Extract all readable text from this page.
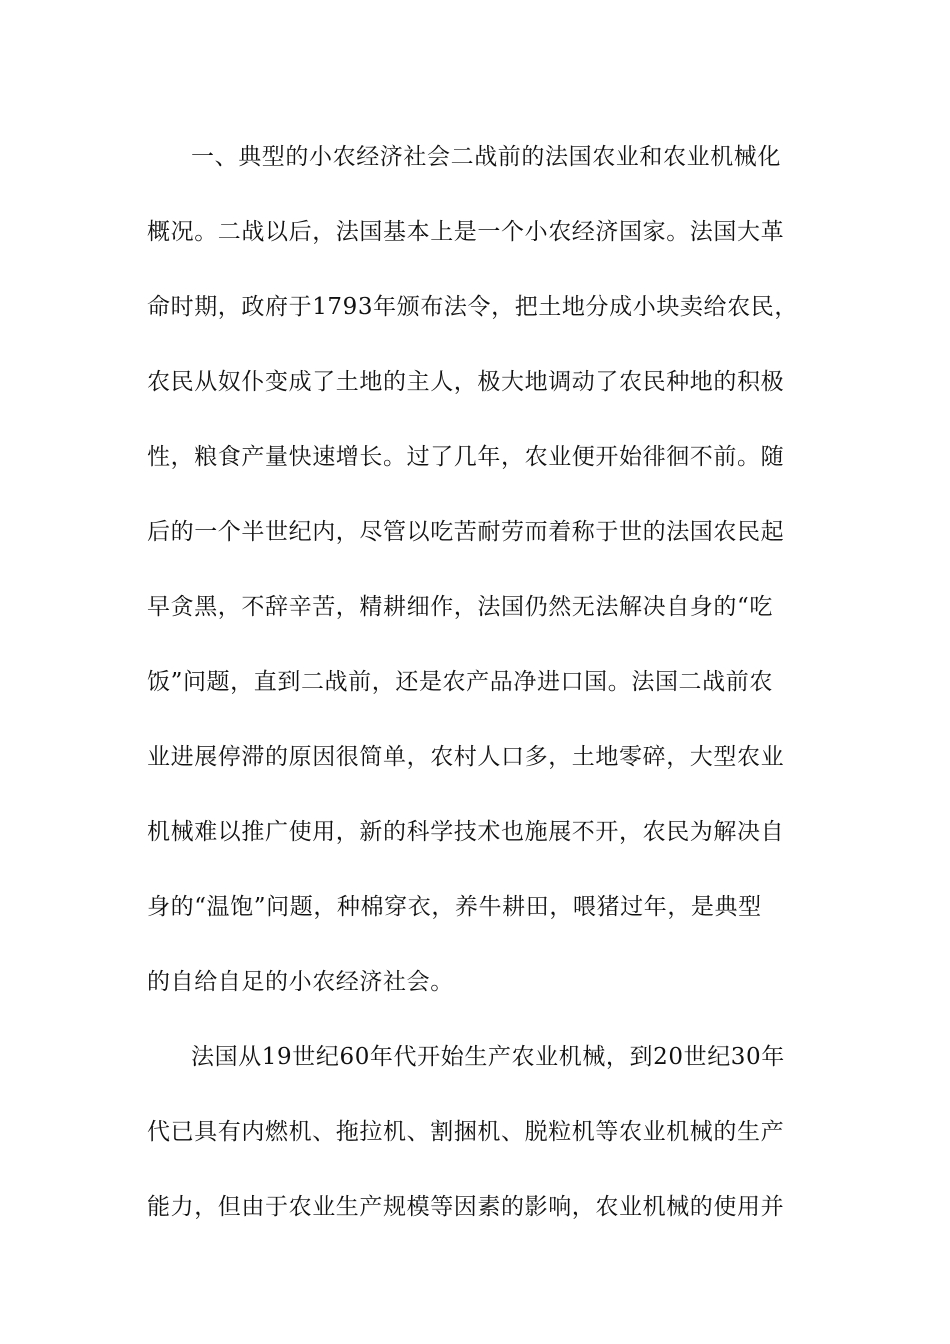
一、典型的小农经济社会二战前的法国农业和农业机械化
概况。二战以后，法国基本上是一个小农经济国家。法国大革
命时期，政府于1793年颁布法令，把土地分成小块卖给农民，
农民从奴仆变成了土地的主人，极大地调动了农民种地的积极
性，粮食产量快速增长。过了几年，农业便开始徘徊不前。随
后的一个半世纪内，尽管以吃苦耐劳而着称于世的法国农民起
早贪黑，不辞辛苦，精耕细作，法国仍然无法解决自身的“吃
饭”问题，直到二战前，还是农产品净进口国。法国二战前农
业进展停滞的原因很简单，农村人口多，土地零碎，大型农业
机械难以推广使用，新的科学技术也施展不开，农民为解决自
身的“温饱”问题，种棉穿衣，养牛耕田，喂猪过年，是典型
的自给自足的小农经济社会。
法国从19世纪60年代开始生产农业机械，到20世纪30年
代已具有内燃机、拖拉机、割捆机、脱粒机等农业机械的生产
能力，但由于农业生产规模等因素的影响，农业机械的使用并
